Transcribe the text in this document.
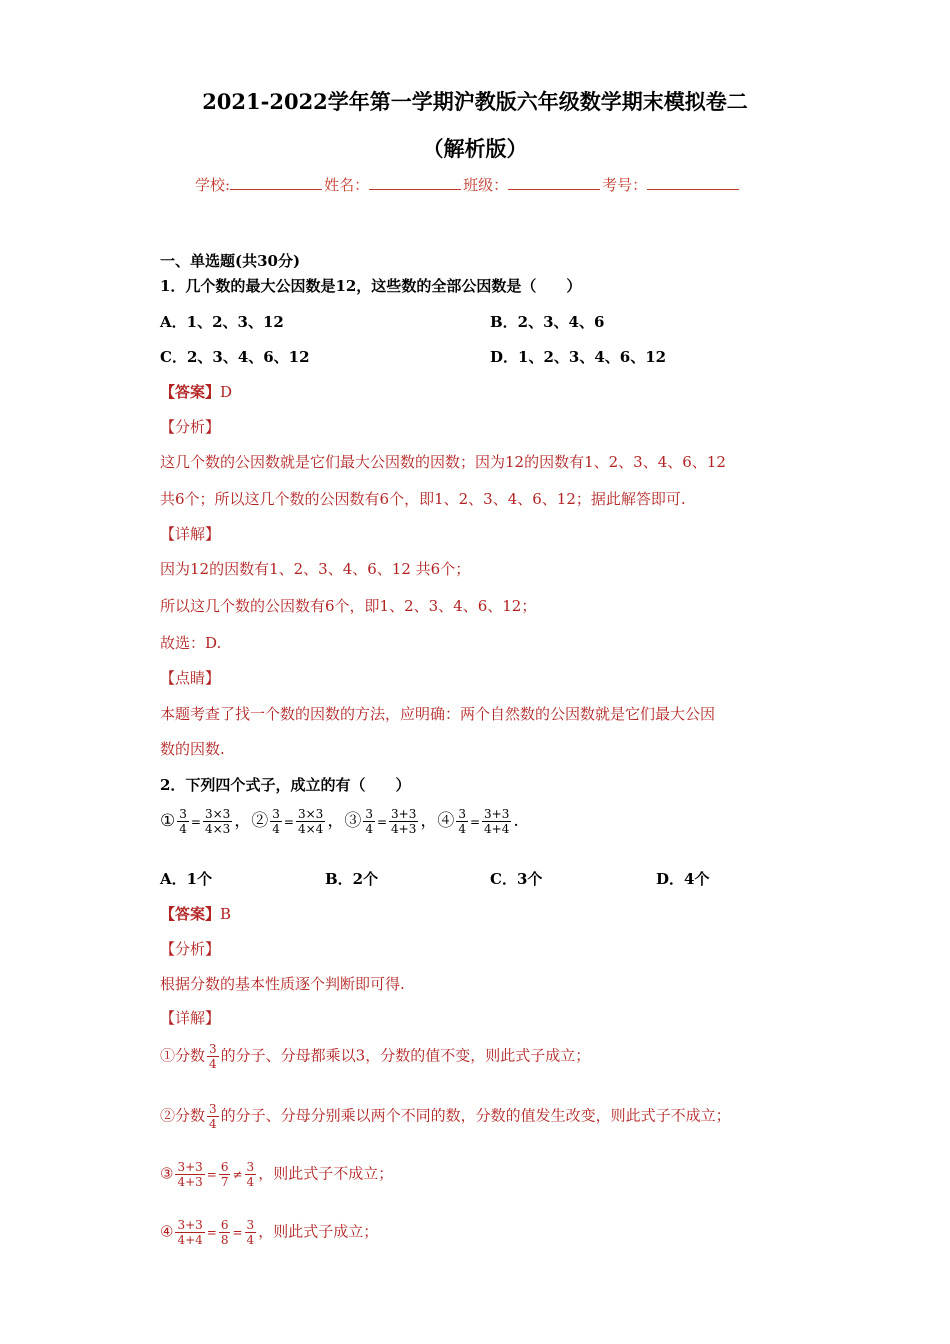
2021-2022学年第一学期沪教版六年级数学期末模拟卷二
（解析版）
学校:	姓名：	班级：	考号：
一、单选题(共30分)
1．几个数的最大公因数是12，这些数的全部公因数是（　　）
A．1、2、3、12	B．2、3、4、6
C．2、3、4、6、12	D．1、2、3、4、6、12
【答案】D
【分析】
这几个数的公因数就是它们最大公因数的因数；因为12的因数有1、2、3、4、6、12
共6个；所以这几个数的公因数有6个，即1、2、3、4、6、12；据此解答即可.
【详解】
因为12的因数有1、2、3、4、6、12 共6个；
所以这几个数的公因数有6个，即1、2、3、4、6、12；
故选：D.
【点睛】
本题考查了找一个数的因数的方法，应明确：两个自然数的公因数就是它们最大公因
数的因数.
2．下列四个式子，成立的有（　　）
① $\frac{3}{4} = \frac{3\times 3}{4\times 3}$ ，② $\frac{3}{4} = \frac{3\times 3}{4\times 4}$ ，③ $\frac{3}{4} = \frac{3+3}{4+3}$ ，④ $\frac{3}{4} = \frac{3+3}{4+4}$ .
A．1个	B．2个	C．3个	D．4个
【答案】B
【分析】
根据分数的基本性质逐个判断即可得.
【详解】
①分数 $\frac{3}{4}$ 的分子、分母都乘以3，分数的值不变，则此式子成立；
②分数 $\frac{3}{4}$ 的分子、分母分别乘以两个不同的数，分数的值发生改变，则此式子不成立；
③ $\frac{3+3}{4+3} = \frac{6}{7} \ne \frac{3}{4}$ ，则此式子不成立；
④ $\frac{3+3}{4+4} = \frac{6}{8} = \frac{3}{4}$ ，则此式子成立；
